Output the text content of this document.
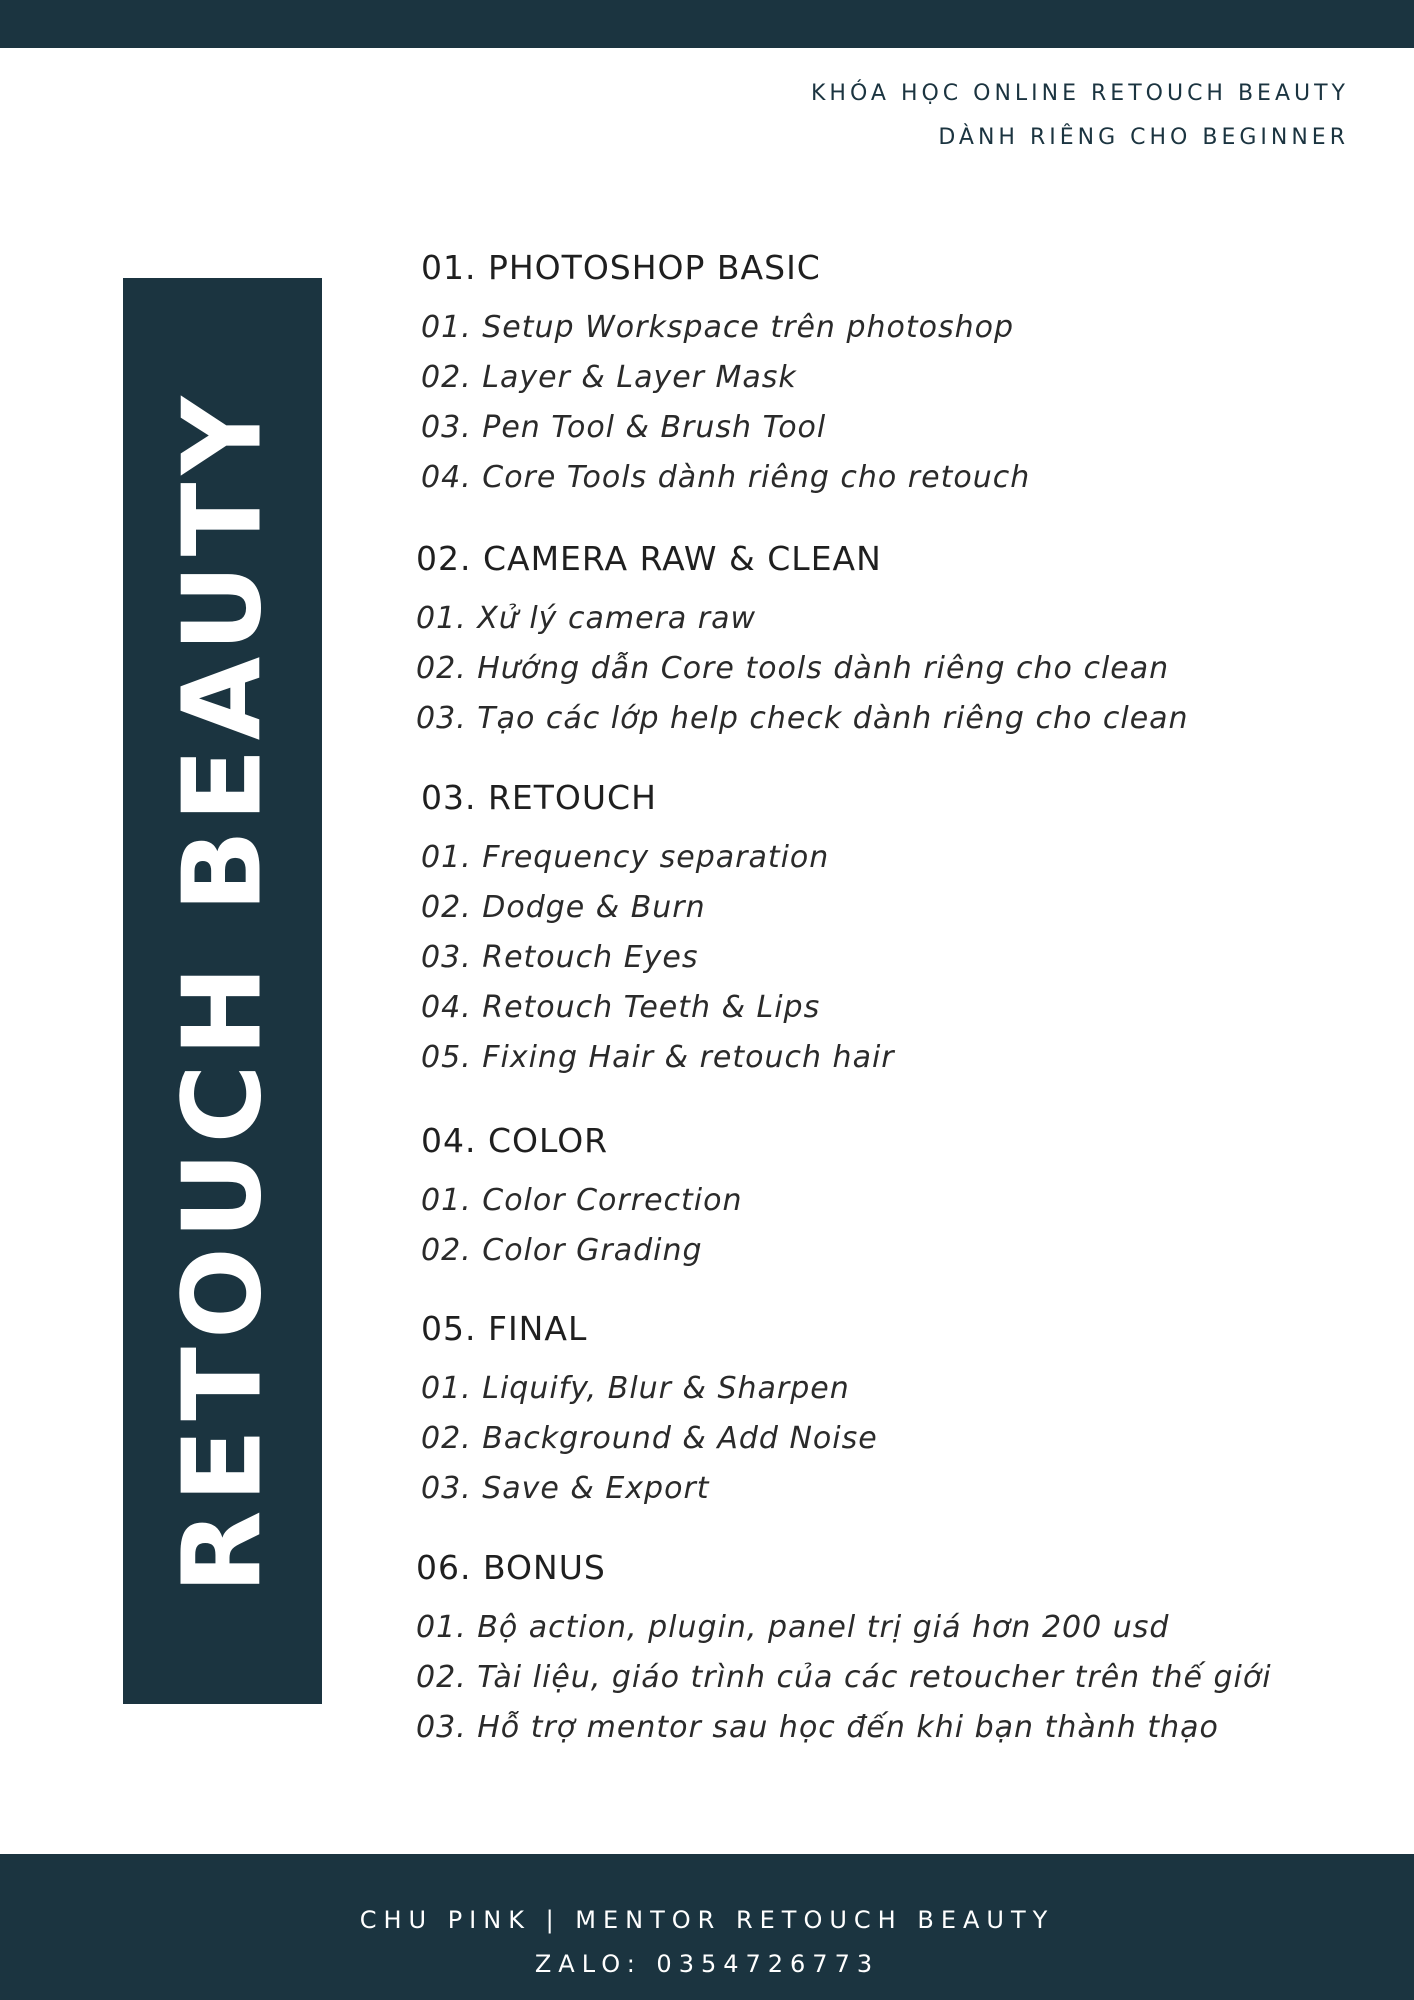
KHÓA HỌC ONLINE RETOUCH BEAUTY
DÀNH RIÊNG CHO BEGINNER
RETOUCH BEAUTY
01. PHOTOSHOP BASIC
01. Setup Workspace trên photoshop
02. Layer & Layer Mask
03. Pen Tool & Brush Tool
04. Core Tools dành riêng cho retouch
02. CAMERA RAW & CLEAN
01. Xử lý camera raw
02. Hướng dẫn Core tools dành riêng cho clean
03. Tạo các lớp help check dành riêng cho clean
03. RETOUCH
01. Frequency separation
02. Dodge & Burn
03. Retouch Eyes
04. Retouch Teeth & Lips
05. Fixing Hair & retouch hair
04. COLOR
01. Color Correction
02. Color Grading
05. FINAL
01. Liquify, Blur & Sharpen
02. Background & Add Noise
03. Save & Export
06. BONUS
01. Bộ action, plugin, panel trị giá hơn 200 usd
02. Tài liệu, giáo trình của các retoucher trên thế giới
03. Hỗ trợ mentor sau học đến khi bạn thành thạo
CHU PINK | MENTOR RETOUCH BEAUTY
ZALO: 0354726773
